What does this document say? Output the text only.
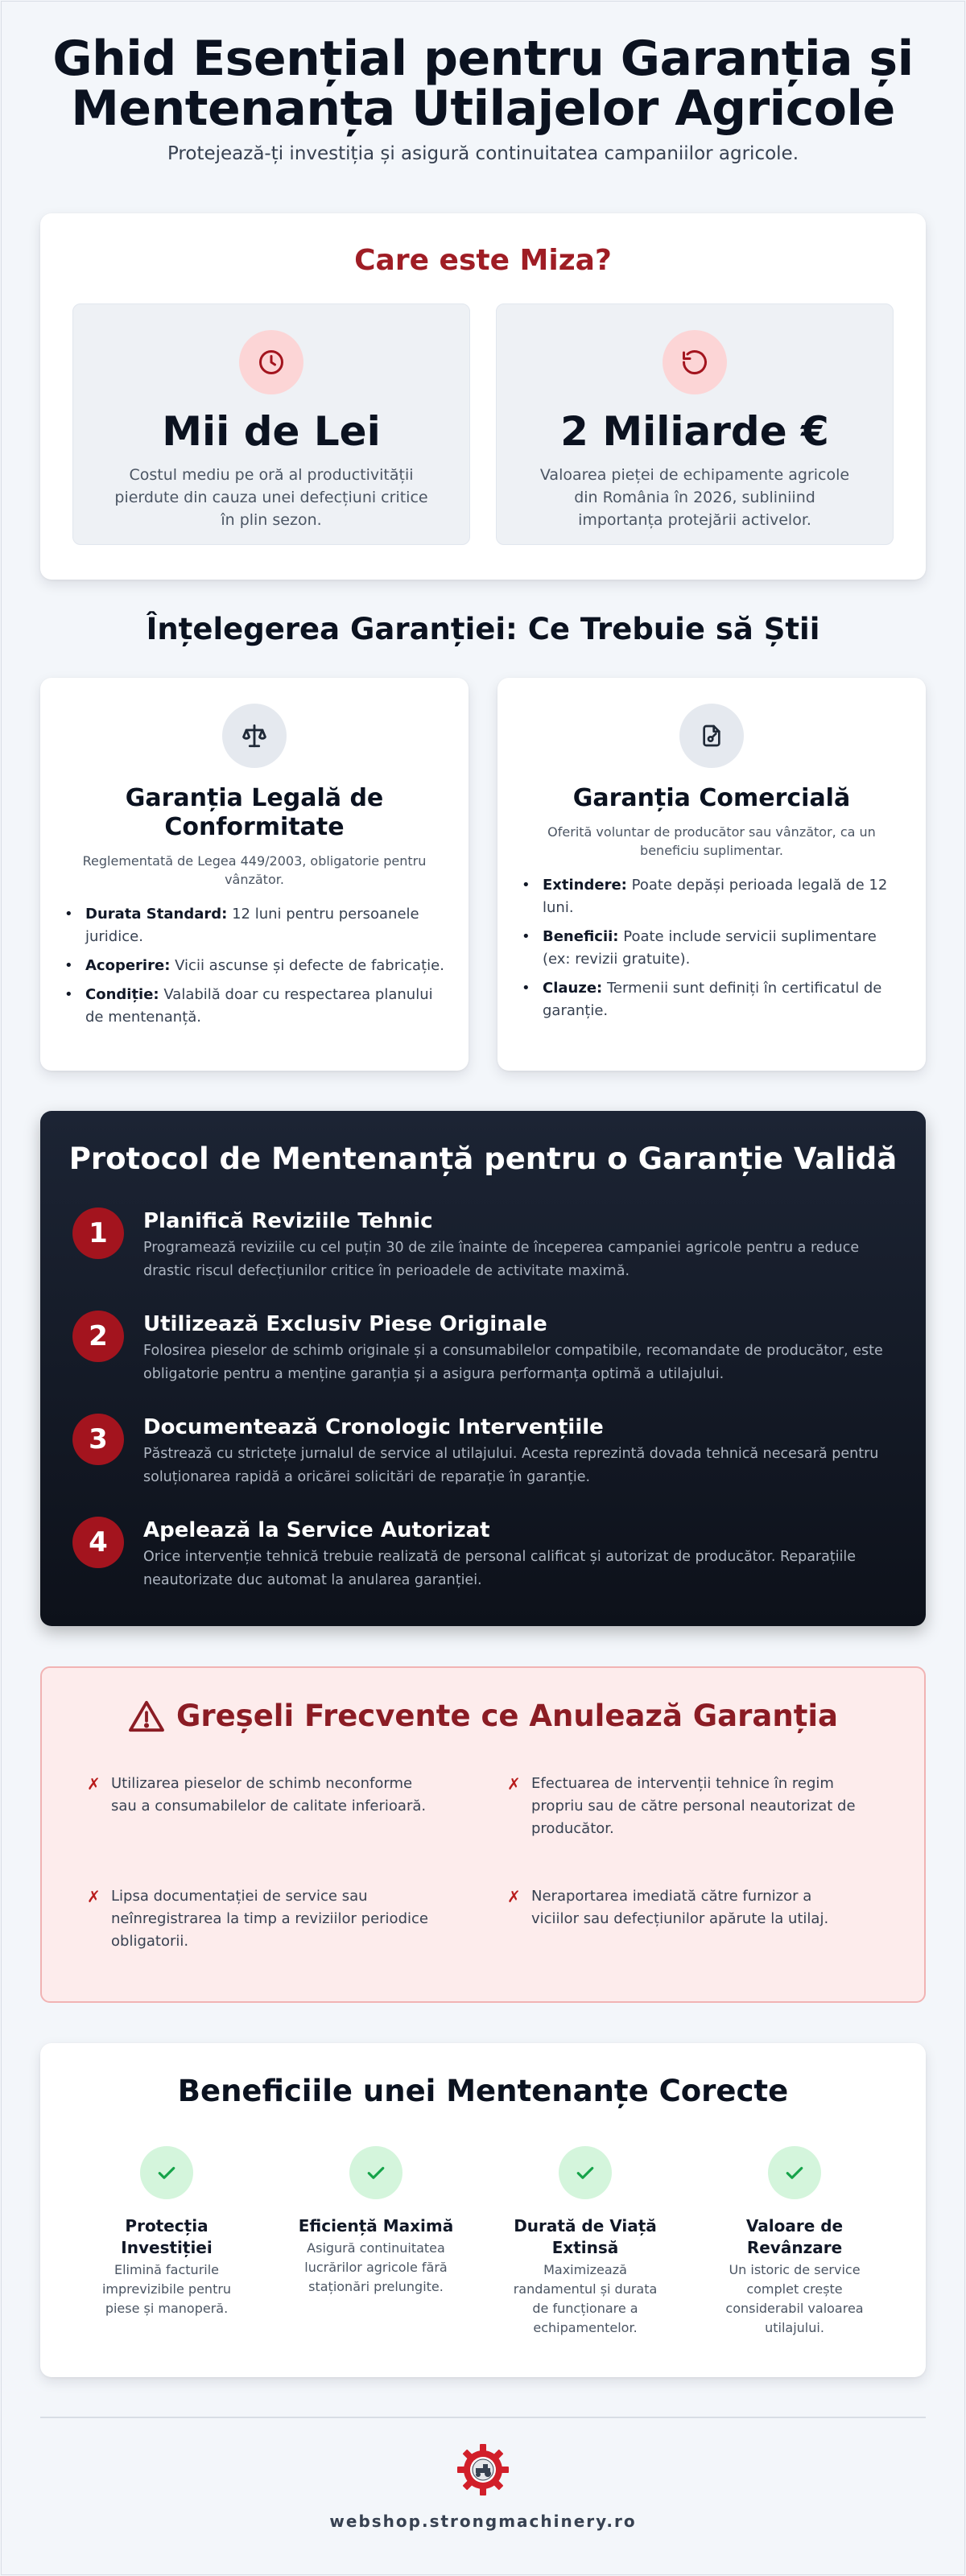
Ghid Esențial pentru Garanția și Mentenanța Utilajelor Agricole
Protejează-ți investiția și asigură continuitatea campaniilor agricole.
Care este Miza?
Mii de Lei
Costul mediu pe oră al productivității pierdute din cauza unei defecțiuni critice în plin sezon.
2 Miliarde €
Valoarea pieței de echipamente agricole din România în 2026, subliniind importanța protejării activelor.
Înțelegerea Garanției: Ce Trebuie să Știi
Garanția Legală de Conformitate
Reglementată de Legea 449/2003, obligatorie pentru vânzător.
• Durata Standard: 12 luni pentru persoanele juridice.
• Acoperire: Vicii ascunse și defecte de fabricație.
• Condiție: Valabilă doar cu respectarea planului de mentenanță.
Garanția Comercială
Oferită voluntar de producător sau vânzător, ca un beneficiu suplimentar.
• Extindere: Poate depăși perioada legală de 12 luni.
• Beneficii: Poate include servicii suplimentare (ex: revizii gratuite).
• Clauze: Termenii sunt definiți în certificatul de garanție.
Protocol de Mentenanță pentru o Garanție Validă
1	Planifică Reviziile Tehnic
Programează reviziile cu cel puțin 30 de zile înainte de începerea campaniei agricole pentru a reduce drastic riscul defecțiunilor critice în perioadele de activitate maximă.
2	Utilizează Exclusiv Piese Originale
Folosirea pieselor de schimb originale și a consumabilelor compatibile, recomandate de producător, este obligatorie pentru a menține garanția și a asigura performanța optimă a utilajului.
3	Documentează Cronologic Intervențiile
Păstrează cu strictețe jurnalul de service al utilajului. Acesta reprezintă dovada tehnică necesară pentru soluționarea rapidă a oricărei solicitări de reparație în garanție.
4	Apelează la Service Autorizat
Orice intervenție tehnică trebuie realizată de personal calificat și autorizat de producător. Reparațiile neautorizate duc automat la anularea garanției.
Greșeli Frecvente ce Anulează Garanția
✗ Utilizarea pieselor de schimb neconforme sau a consumabilelor de calitate inferioară.
✗ Efectuarea de intervenții tehnice în regim propriu sau de către personal neautorizat de producător.
✗ Lipsa documentației de service sau neînregistrarea la timp a reviziilor periodice obligatorii.
✗ Neraportarea imediată către furnizor a viciilor sau defecțiunilor apărute la utilaj.
Beneficiile unei Mentenanțe Corecte
Protecția Investiției

Elimină facturile imprevizibile pentru piese și manoperă.

Eficiență Maximă

Asigură continuitatea lucrărilor agricole fără staționări prelungite.

Durată de Viață Extinsă

Maximizează randamentul și durata de funcționare a echipamentelor.

Valoare de Revânzare

Un istoric de service complet crește considerabil valoarea utilajului.

webshop.strongmachinery.ro
